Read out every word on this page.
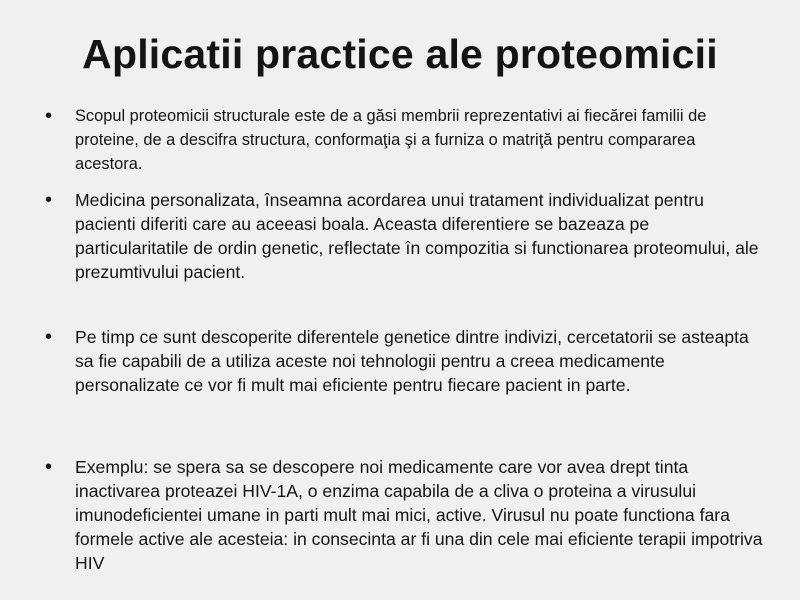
Aplicatii practice ale proteomicii
• Scopul proteomicii structurale este de a găsi membrii reprezentativi ai fiecărei familii de proteine, de a descifra structura, conformaţia şi a furniza o matriţă pentru compararea acestora.
• Medicina personalizata, înseamna acordarea unui tratament individualizat pentru pacienti diferiti care au aceeasi boala. Aceasta diferentiere se bazeaza pe particularitatile de ordin genetic, reflectate în compozitia si functionarea proteomului, ale prezumtivului pacient.
• Pe timp ce sunt descoperite diferentele genetice dintre indivizi, cercetatorii se asteapta sa fie capabili de a utiliza aceste noi tehnologii pentru a creea medicamente personalizate ce vor fi mult mai eficiente pentru fiecare pacient in parte.
• Exemplu: se spera sa se descopere noi medicamente care vor avea drept tinta inactivarea proteazei HIV-1A, o enzima capabila de a cliva o proteina a virusului imunodeficientei umane in parti mult mai mici, active. Virusul nu poate functiona fara formele active ale acesteia: in consecinta ar fi una din cele mai eficiente terapii impotriva HIV
